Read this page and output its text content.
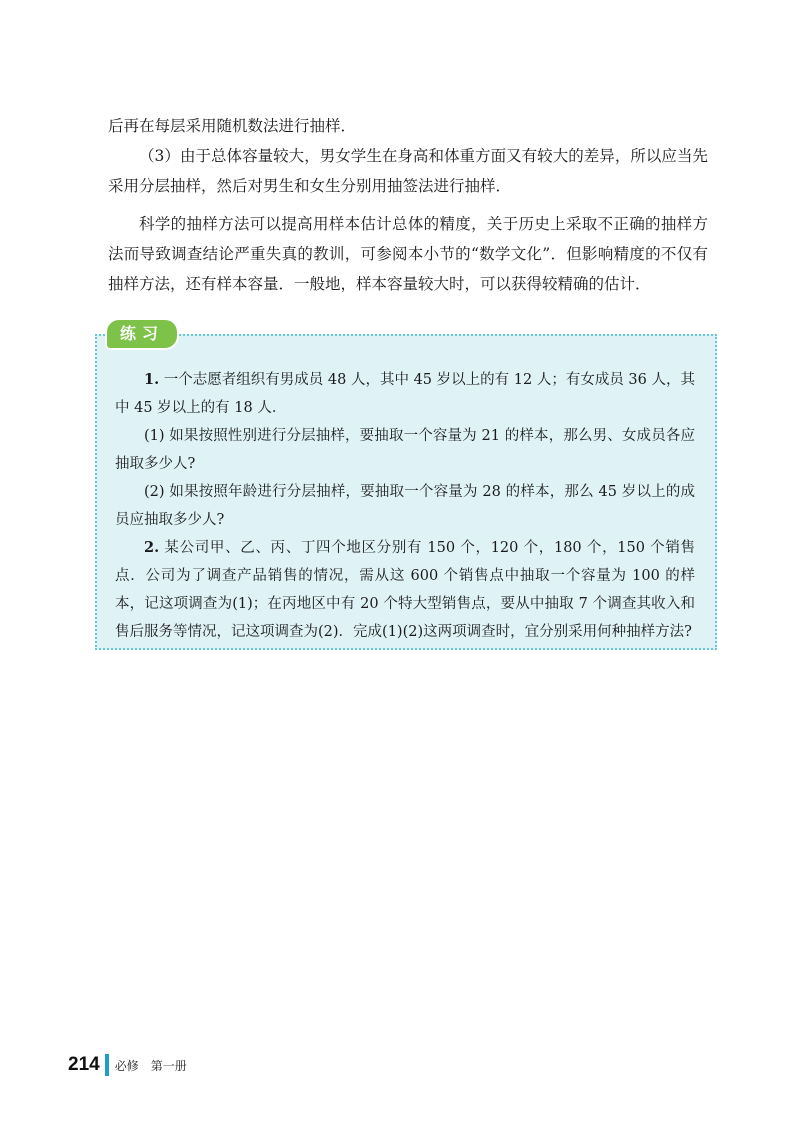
后再在每层采用随机数法进行抽样．

（3）由于总体容量较大，男女学生在身高和体重方面又有较大的差异，所以应当先采用分层抽样，然后对男生和女生分别用抽签法进行抽样．

科学的抽样方法可以提高用样本估计总体的精度，关于历史上采取不正确的抽样方法而导致调查结论严重失真的教训，可参阅本小节的“数学文化”．但影响精度的不仅有抽样方法，还有样本容量．一般地，样本容量较大时，可以获得较精确的估计．

1. 一个志愿者组织有男成员 48 人，其中 45 岁以上的有 12 人；有女成员 36 人，其中 45 岁以上的有 18 人．

(1) 如果按照性别进行分层抽样，要抽取一个容量为 21 的样本，那么男、女成员各应抽取多少人?

(2) 如果按照年龄进行分层抽样，要抽取一个容量为 28 的样本，那么 45 岁以上的成员应抽取多少人?

2. 某公司甲、乙、丙、丁四个地区分别有 150 个，120 个，180 个，150 个销售点．公司为了调查产品销售的情况，需从这 600 个销售点中抽取一个容量为 100 的样本，记这项调查为(1)；在丙地区中有 20 个特大型销售点，要从中抽取 7 个调查其收入和售后服务等情况，记这项调查为(2)．完成(1)(2)这两项调查时，宜分别采用何种抽样方法?

练习
214 必修　第一册
